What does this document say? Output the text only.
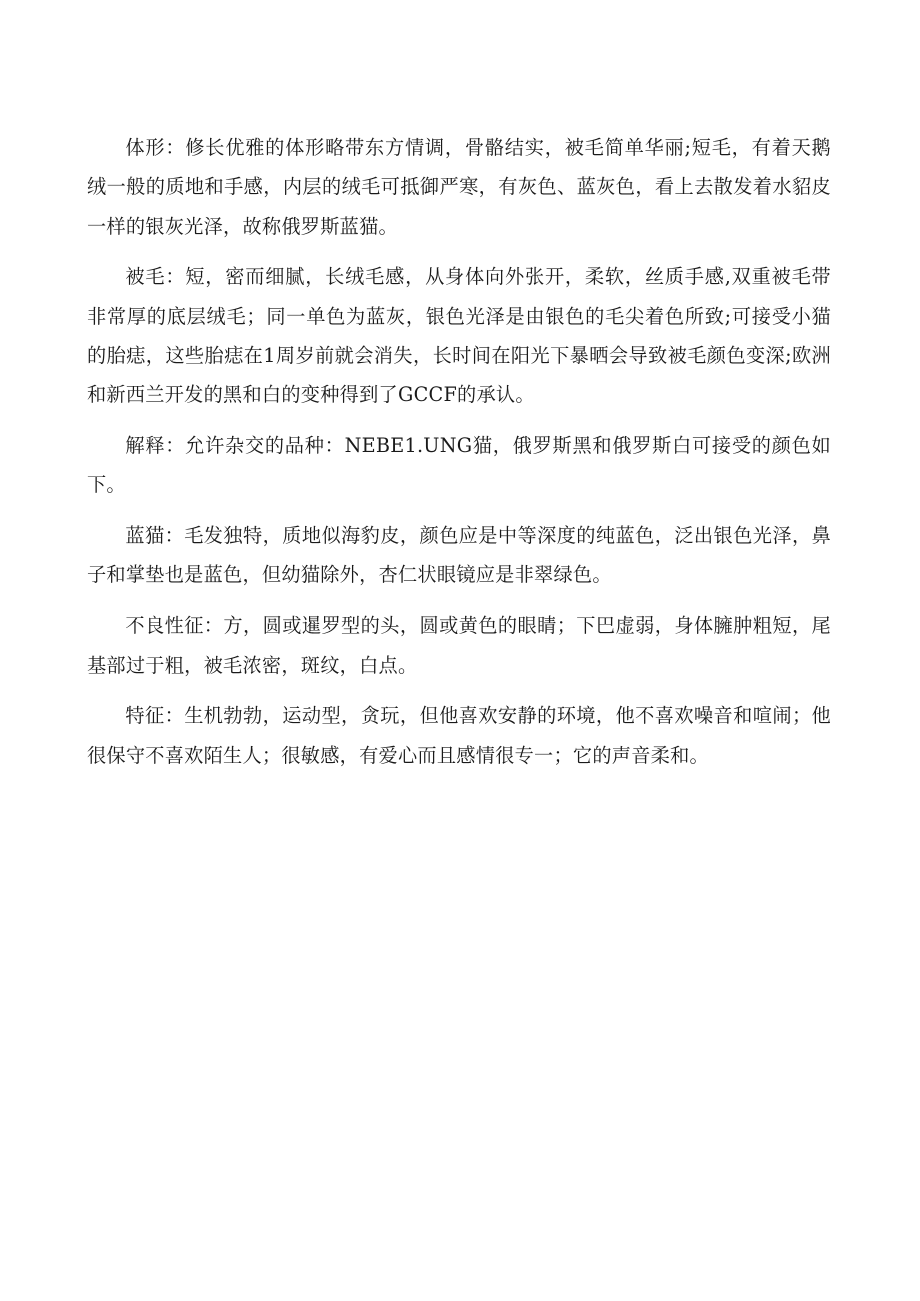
体形：修长优雅的体形略带东方情调，骨骼结实，被毛简单华丽;短毛，有着天鹅绒一般的质地和手感，内层的绒毛可抵御严寒，有灰色、蓝灰色，看上去散发着水貂皮一样的银灰光泽，故称俄罗斯蓝猫。

被毛：短，密而细腻，长绒毛感，从身体向外张开，柔软，丝质手感,双重被毛带非常厚的底层绒毛；同一单色为蓝灰，银色光泽是由银色的毛尖着色所致;可接受小猫的胎痣，这些胎痣在1周岁前就会消失，长时间在阳光下暴晒会导致被毛颜色变深;欧洲和新西兰开发的黑和白的变种得到了GCCF的承认。

解释：允许杂交的品种：NEBE1.UNG猫，俄罗斯黑和俄罗斯白可接受的颜色如下。

蓝猫：毛发独特，质地似海豹皮，颜色应是中等深度的纯蓝色，泛出银色光泽，鼻子和掌垫也是蓝色，但幼猫除外，杏仁状眼镜应是非翠绿色。

不良性征：方，圆或暹罗型的头，圆或黄色的眼睛；下巴虚弱，身体臃肿粗短，尾基部过于粗，被毛浓密，斑纹，白点。

特征：生机勃勃，运动型，贪玩，但他喜欢安静的环境，他不喜欢噪音和喧闹；他很保守不喜欢陌生人；很敏感，有爱心而且感情很专一；它的声音柔和。
